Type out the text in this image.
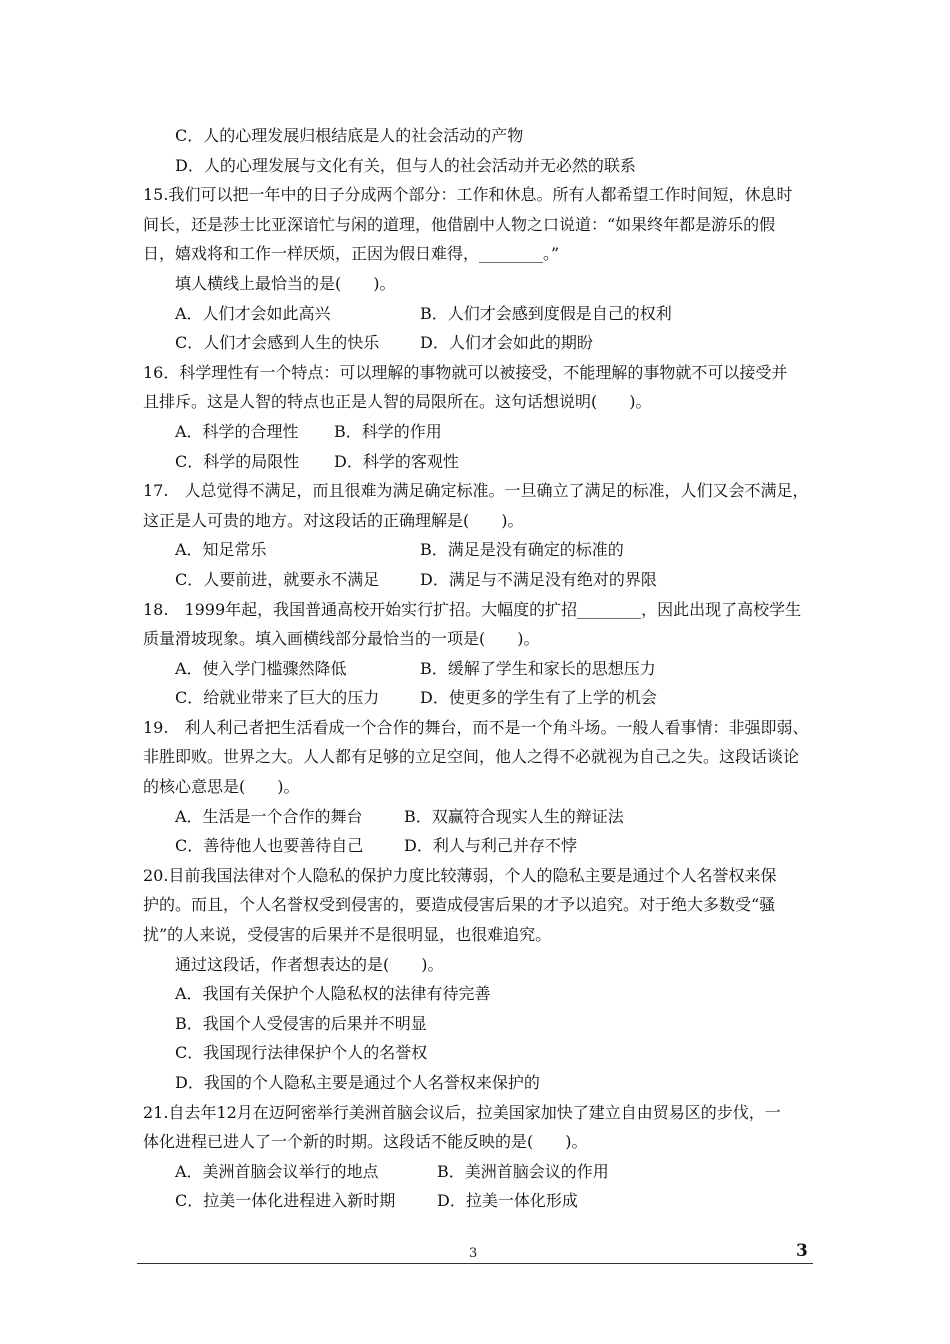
C．人的心理发展归根结底是人的社会活动的产物
D．人的心理发展与文化有关，但与人的社会活动并无必然的联系
15.我们可以把一年中的日子分成两个部分：工作和休息。所有人都希望工作时间短，休息时
间长，还是莎士比亚深谙忙与闲的道理，他借剧中人物之口说道：“如果终年都是游乐的假
日，嬉戏将和工作一样厌烦，正因为假日难得，________。”
填人横线上最恰当的是(　　)。
A．人们才会如此高兴	B．人们才会感到度假是自己的权利
C．人们才会感到人生的快乐	D．人们才会如此的期盼
16．科学理性有一个特点：可以理解的事物就可以被接受，不能理解的事物就不可以接受并
且排斥。这是人智的特点也正是人智的局限所在。这句话想说明(　　)。
A．科学的合理性 B．科学的作用
C．科学的局限性 D．科学的客观性
17.　人总觉得不满足，而且很难为满足确定标准。一旦确立了满足的标准，人们又会不满足，
这正是人可贵的地方。对这段话的正确理解是(　　)。
A．知足常乐	B．满足是没有确定的标准的
C．人要前进，就要永不满足	D．满足与不满足没有绝对的界限
18.　1999年起，我国普通高校开始实行扩招。大幅度的扩招________，因此出现了高校学生
质量滑坡现象。填入画横线部分最恰当的一项是(　　)。
A．使入学门槛骤然降低	B．缓解了学生和家长的思想压力
C．给就业带来了巨大的压力	D．使更多的学生有了上学的机会
19.　利人利己者把生活看成一个合作的舞台，而不是一个角斗场。一般人看事情：非强即弱、
非胜即败。世界之大。人人都有足够的立足空间，他人之得不必就视为自己之失。这段话谈论
的核心意思是(　　)。
A．生活是一个合作的舞台	B．双赢符合现实人生的辩证法
C．善待他人也要善待自己	D．利人与利己并存不悖
20.目前我国法律对个人隐私的保护力度比较薄弱，个人的隐私主要是通过个人名誉权来保
护的。而且，个人名誉权受到侵害的，要造成侵害后果的才予以追究。对于绝大多数受“骚
扰”的人来说，受侵害的后果并不是很明显，也很难追究。
通过这段话，作者想表达的是(　　)。
A．我国有关保护个人隐私权的法律有待完善
B．我国个人受侵害的后果并不明显
C．我国现行法律保护个人的名誉权
D．我国的个人隐私主要是通过个人名誉权来保护的
21.自去年12月在迈阿密举行美洲首脑会议后，拉美国家加快了建立自由贸易区的步伐，一
体化进程已进人了一个新的时期。这段话不能反映的是(　　)。
A．美洲首脑会议举行的地点	B．美洲首脑会议的作用
C．拉美一体化进程进入新时期	D．拉美一体化形成
3	3
